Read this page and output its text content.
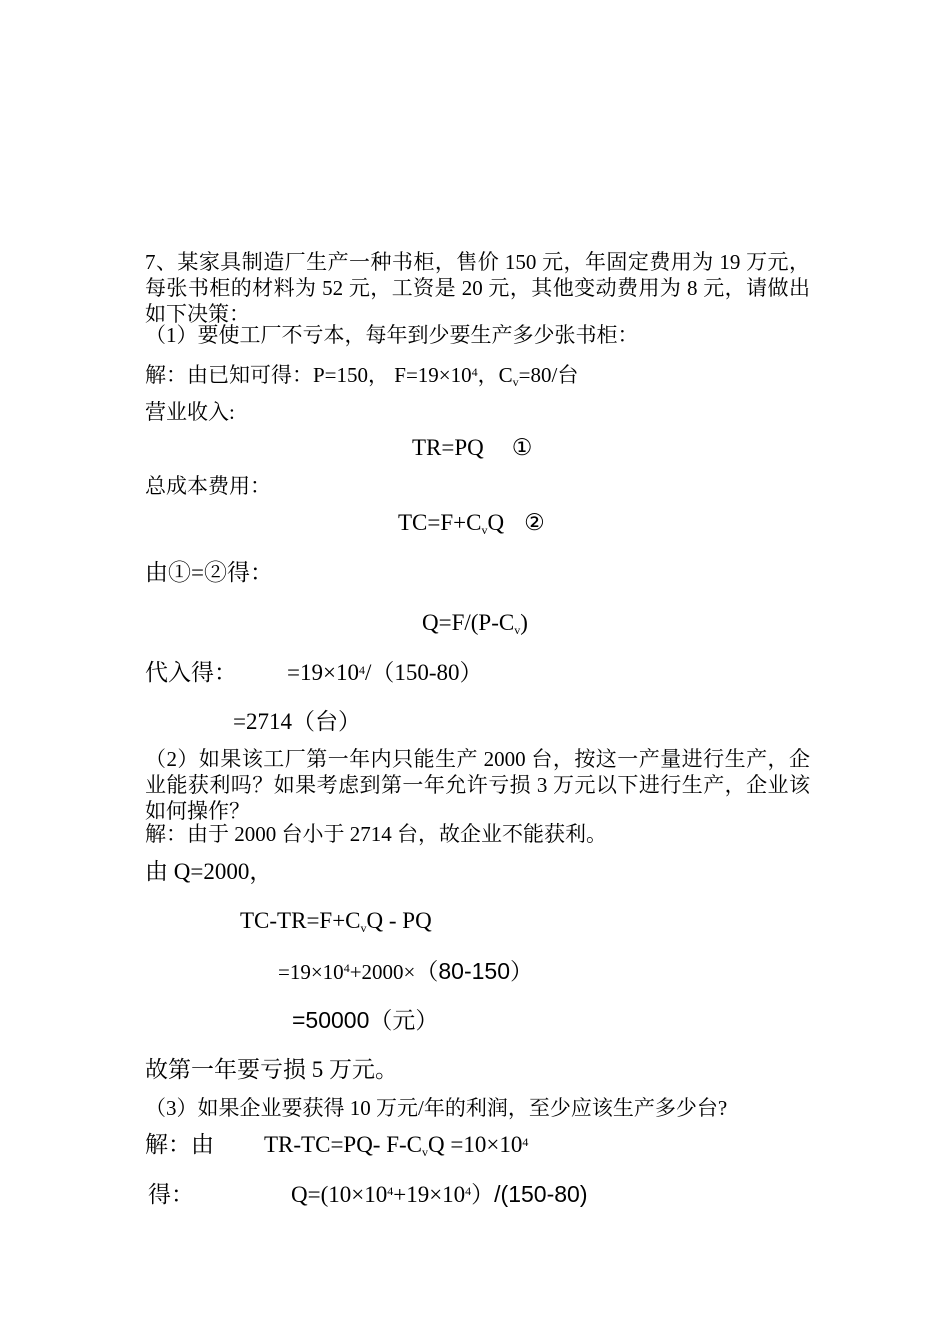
7、某家具制造厂生产一种书柜，售价 150 元，年固定费用为 19 万元，每张书柜的材料为 52 元，工资是 20 元，其他变动费用为 8 元，请做出如下决策：
（1）要使工厂不亏本，每年到少要生产多少张书柜：
解：由已知可得：P=150， $F=19\times 10^4$，$C_v=80/$台
营业收入:
TR=PQ ①
总成本费用：
$TC=F+C_vQ$ ②
由①=②得：
$Q=F/(P-C_v)$
代入得： $=19\times 10^4/(150-80)$
=2714（台）
（2）如果该工厂第一年内只能生产 2000 台，按这一产量进行生产，企业能获利吗？如果考虑到第一年允许亏损 3 万元以下进行生产，企业该如何操作？
解：由于 2000 台小于 2714 台，故企业不能获利。
由 Q=2000，
$TC-TR=F+C_vQ$ - PQ
$=19\times 10^4+2000\times(80-150)$
=50000（元）
故第一年要亏损 5 万元。
（3）如果企业要获得 10 万元/年的利润，至少应该生产多少台?
解：由 TR-TC=PQ- $F-C_vQ =10\times 10^4$
得：	$Q=(10\times 10^4+19\times 10^4)/(150-80)$
